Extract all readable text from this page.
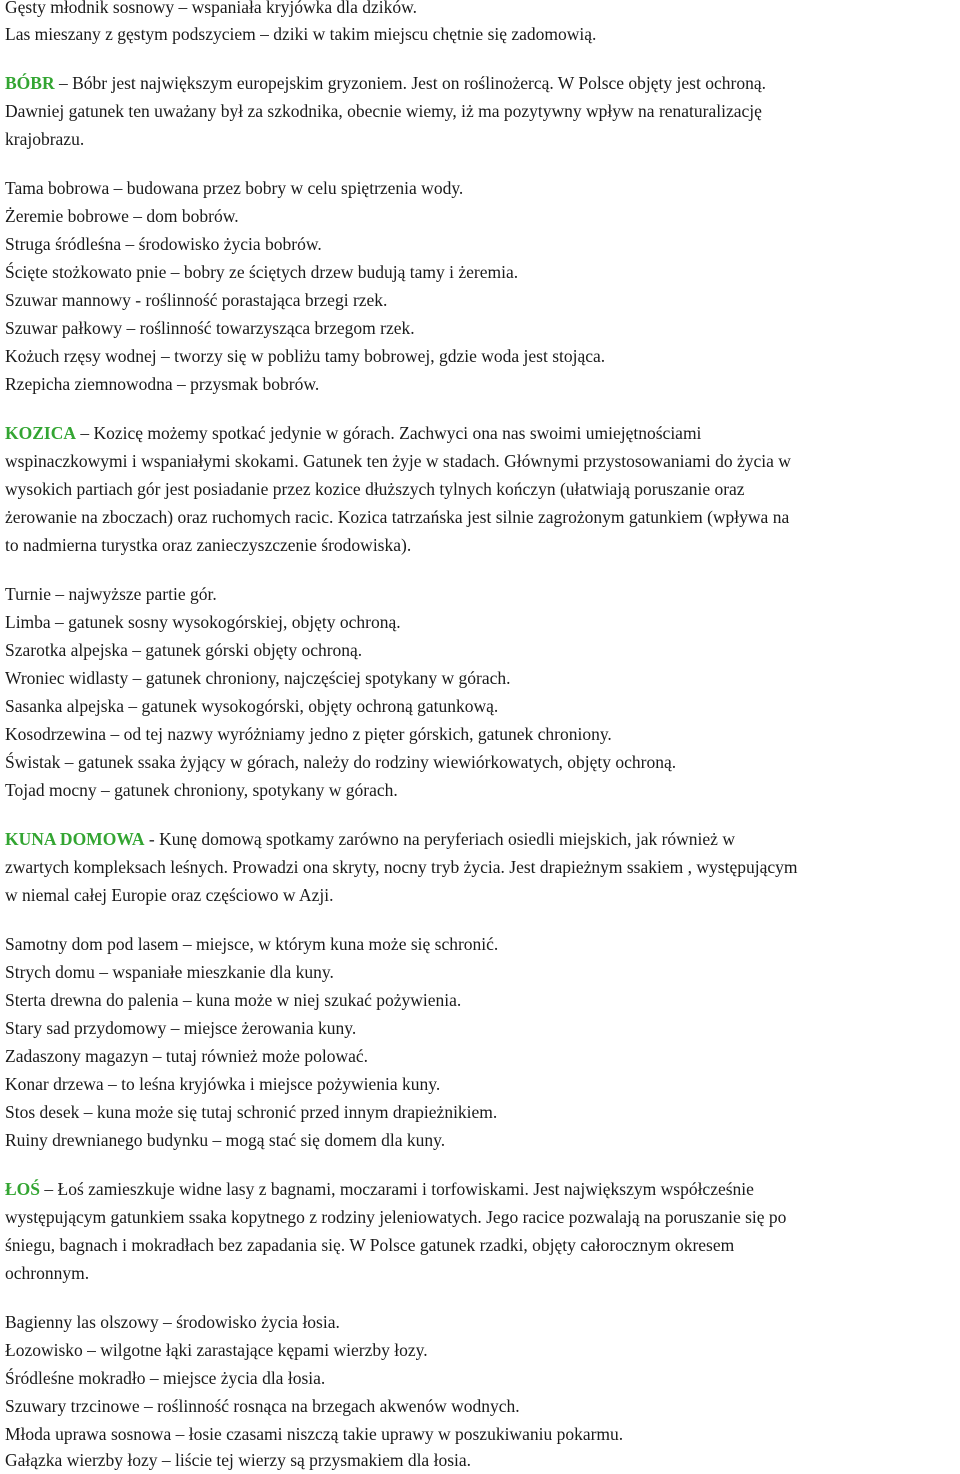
Gęsty młodnik sosnowy – wspaniała kryjówka dla dzików.
Las mieszany z gęstym podszyciem – dziki w takim miejscu chętnie się zadomowią.
BÓBR – Bóbr jest największym europejskim gryzoniem. Jest on roślinożercą. W Polsce objęty jest ochroną.
Dawniej gatunek ten uważany był za szkodnika, obecnie wiemy, iż ma pozytywny wpływ na renaturalizację
krajobrazu.
Tama bobrowa – budowana przez bobry w celu spiętrzenia wody.
Żeremie bobrowe – dom bobrów.
Struga śródleśna – środowisko życia bobrów.
Ścięte stożkowato pnie – bobry ze ściętych drzew budują tamy i żeremia.
Szuwar mannowy - roślinność porastająca brzegi rzek.
Szuwar pałkowy – roślinność towarzysząca brzegom rzek.
Kożuch rzęsy wodnej – tworzy się w pobliżu tamy bobrowej, gdzie woda jest stojąca.
Rzepicha ziemnowodna – przysmak bobrów.
KOZICA – Kozicę możemy spotkać jedynie w górach. Zachwyci ona nas swoimi umiejętnościami
wspinaczkowymi i wspaniałymi skokami. Gatunek ten żyje w stadach. Głównymi przystosowaniami do życia w
wysokich partiach gór jest posiadanie przez kozice dłuższych tylnych kończyn (ułatwiają poruszanie oraz
żerowanie na zboczach) oraz ruchomych racic. Kozica tatrzańska jest silnie zagrożonym gatunkiem (wpływa na
to nadmierna turystka oraz zanieczyszczenie środowiska).
Turnie – najwyższe partie gór.
Limba – gatunek sosny wysokogórskiej, objęty ochroną.
Szarotka alpejska – gatunek górski objęty ochroną.
Wroniec widlasty – gatunek chroniony, najczęściej spotykany w górach.
Sasanka alpejska – gatunek wysokogórski, objęty ochroną gatunkową.
Kosodrzewina – od tej nazwy wyróżniamy jedno z pięter górskich, gatunek chroniony.
Świstak – gatunek ssaka żyjący w górach, należy do rodziny wiewiórkowatych, objęty ochroną.
Tojad mocny – gatunek chroniony, spotykany w górach.
KUNA DOMOWA - Kunę domową spotkamy zarówno na peryferiach osiedli miejskich, jak również w
zwartych kompleksach leśnych. Prowadzi ona skryty, nocny tryb życia. Jest drapieżnym ssakiem , występującym
w niemal całej Europie oraz częściowo w Azji.
Samotny dom pod lasem – miejsce, w którym kuna może się schronić.
Strych domu – wspaniałe mieszkanie dla kuny.
Sterta drewna do palenia – kuna może w niej szukać pożywienia.
Stary sad przydomowy – miejsce żerowania kuny.
Zadaszony magazyn – tutaj również może polować.
Konar drzewa – to leśna kryjówka i miejsce pożywienia kuny.
Stos desek – kuna może się tutaj schronić przed innym drapieżnikiem.
Ruiny drewnianego budynku – mogą stać się domem dla kuny.
ŁOŚ – Łoś zamieszkuje widne lasy z bagnami, moczarami i torfowiskami. Jest największym współcześnie
występującym gatunkiem ssaka kopytnego z rodziny jeleniowatych. Jego racice pozwalają na poruszanie się po
śniegu, bagnach i mokradłach bez zapadania się. W Polsce gatunek rzadki, objęty całorocznym okresem
ochronnym.
Bagienny las olszowy – środowisko życia łosia.
Łozowisko – wilgotne łąki zarastające kępami wierzby łozy.
Śródleśne mokradło – miejsce życia dla łosia.
Szuwary trzcinowe – roślinność rosnąca na brzegach akwenów wodnych.
Młoda uprawa sosnowa – łosie czasami niszczą takie uprawy w poszukiwaniu pokarmu.
Gałązka wierzby łozy – liście tej wierzy są przysmakiem dla łosia.
